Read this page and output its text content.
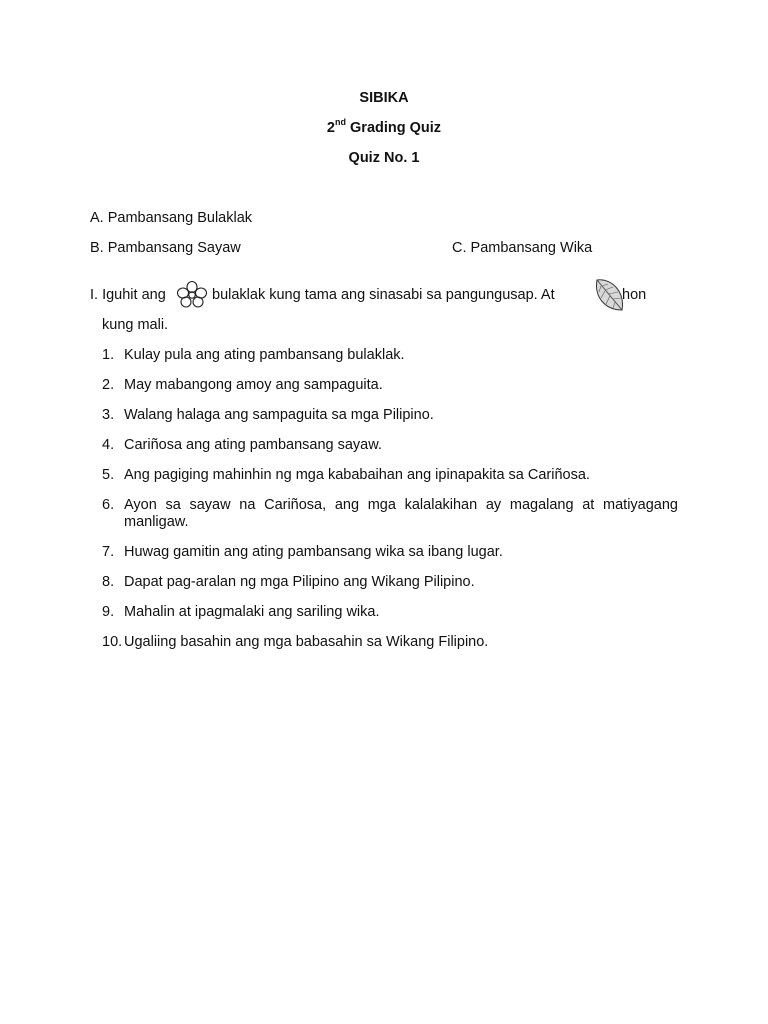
SIBIKA
2nd Grading Quiz
Quiz No. 1
A. Pambansang Bulaklak
B. Pambansang Sayaw	C. Pambansang Wika
I. Iguhit ang	bulaklak kung tama ang sinasabi sa pangungusap. At	hon
kung mali.
1. Kulay pula ang ating pambansang bulaklak.
2. May mabangong amoy ang sampaguita.
3. Walang halaga ang sampaguita sa mga Pilipino.
4. Cariñosa ang ating pambansang sayaw.
5. Ang pagiging mahinhin ng mga kababaihan ang ipinapakita sa Cariñosa.
6. Ayon sa sayaw na Cariñosa, ang mga kalalakihan ay magalang at matiyagang manligaw.
7. Huwag gamitin ang ating pambansang wika sa ibang lugar.
8. Dapat pag-aralan ng mga Pilipino ang Wikang Pilipino.
9. Mahalin at ipagmalaki ang sariling wika.
10. Ugaliing basahin ang mga babasahin sa Wikang Filipino.
